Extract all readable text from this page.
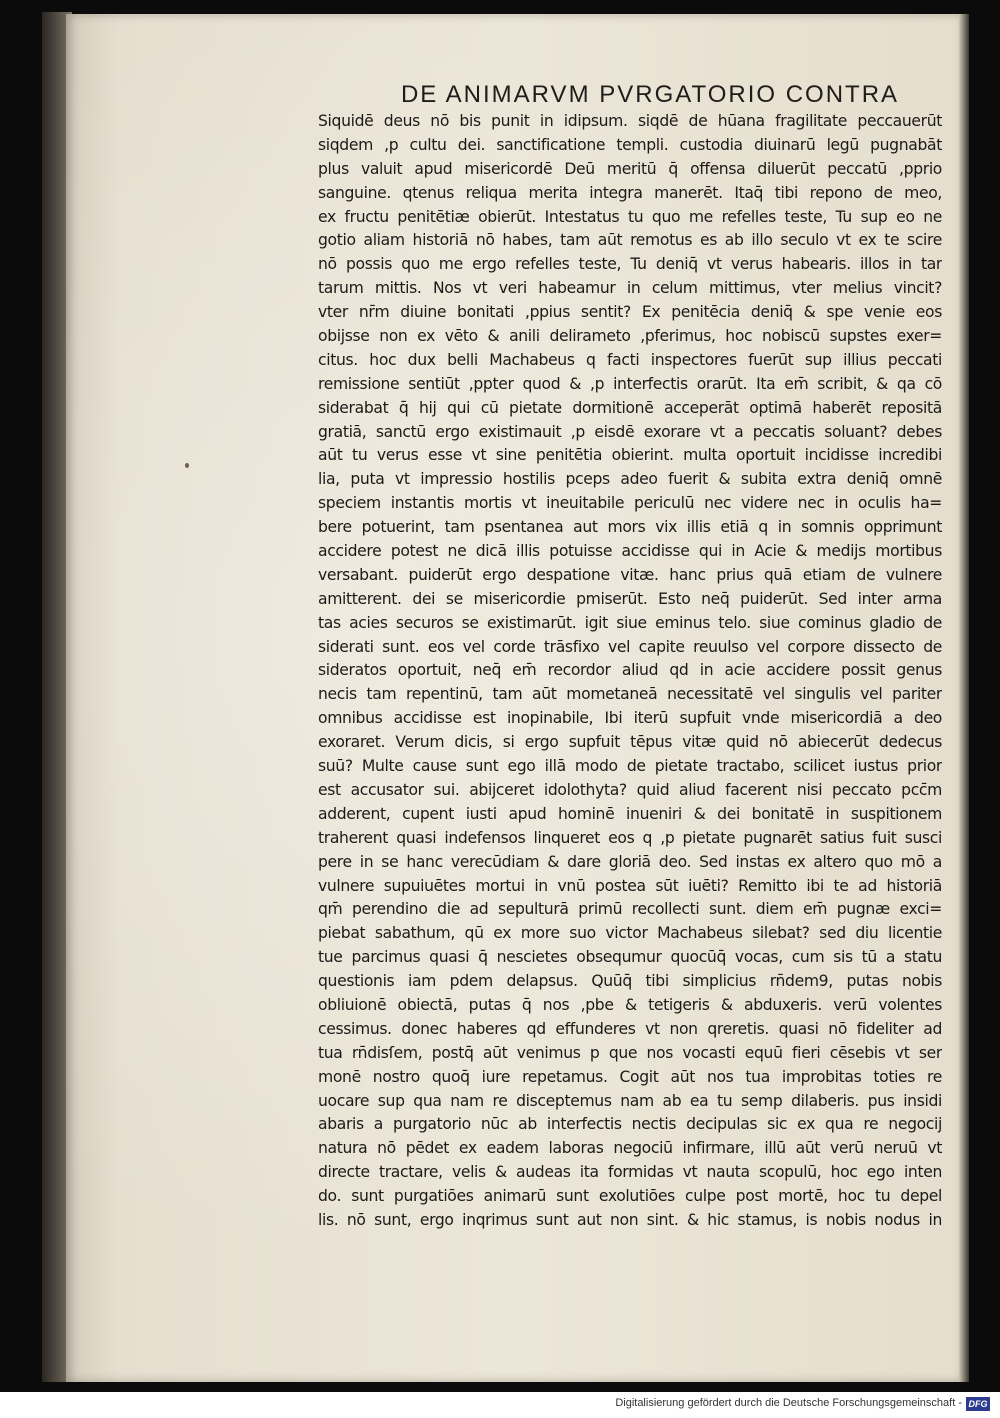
DE ANIMARVM PVRGATORIO CONTRA
Siquidē deus nō bis punit in idipsum. siqdē de hūana fragilitate peccauerūt
siqdem ,p cultu dei. sanctificatione templi. custodia diuinarū legū pugnabāt
plus valuit apud misericordē Deū meritū q̄ offensa diluerūt peccatū ,pprio
sanguine. qtenus reliqua merita integra manerēt. Itaq̄ tibi repono de meo,
ex fructu penitētiæ obierūt. Intestatus tu quo me refelles teste, Tu sup eo ne
gotio aliam historiā nō habes, tam aūt remotus es ab illo seculo vt ex te scire
nō possis quo me ergo refelles teste, Tu deniq̄ vt verus habearis. illos in tar
tarum mittis. Nos vt veri habeamur in celum mittimus, vter melius vincit?
vter nr̄m diuine bonitati ,ppius sentit? Ex penitēcia deniq̄ & spe venie eos
obijsse non ex vēto & anili delirameto ,pferimus, hoc nobiscū supstes exer=
citus. hoc dux belli Machabeus q facti inspectores fuerūt sup illius peccati
remissione sentiūt ,ppter quod & ,p interfectis orarūt. Ita em̄ scribit, & qa cō
siderabat q̄ hij qui cū pietate dormitionē acceperāt optimā haberēt repositā
gratiā, sanctū ergo existimauit ,p eisdē exorare vt a peccatis soluant? debes
aūt tu verus esse vt sine penitētia obierint. multa oportuit incidisse incredibi
lia, puta vt impressio hostilis pceps adeo fuerit & subita extra deniq̄ omnē
speciem instantis mortis vt ineuitabile periculū nec videre nec in oculis ha=
bere potuerint, tam psentanea aut mors vix illis etiā q in somnis opprimunt
accidere potest ne dicā illis potuisse accidisse qui in Acie & medijs mortibus
versabant. puiderūt ergo despatione vitæ. hanc prius quā etiam de vulnere
amitterent. dei se misericordie pmiserūt. Esto neq̄ puiderūt. Sed inter arma
tas acies securos se existimarūt. igit siue eminus telo. siue cominus gladio de
siderati sunt. eos vel corde trāsfixo vel capite reuulso vel corpore dissecto de
sideratos oportuit, neq̄ em̄ recordor aliud qd in acie accidere possit genus
necis tam repentinū, tam aūt mometaneā necessitatē vel singulis vel pariter
omnibus accidisse est inopinabile, Ibi iterū supfuit vnde misericordiā a deo
exoraret. Verum dicis, si ergo supfuit tēpus vitæ quid nō abiecerūt dedecus
suū? Multe cause sunt ego illā modo de pietate tractabo, scilicet iustus prior
est accusator sui. abijceret idolothyta? quid aliud facerent nisi peccato pcc̄m
adderent, cupent iusti apud hominē inueniri & dei bonitatē in suspitionem
traherent quasi indefensos linqueret eos q ,p pietate pugnarēt satius fuit susci
pere in se hanc verecūdiam & dare gloriā deo. Sed instas ex altero quo mō a
vulnere supuiuētes mortui in vnū postea sūt iuēti? Remitto ibi te ad historiā
qm̄ perendino die ad sepulturā primū recollecti sunt. diem em̄ pugnæ exci=
piebat sabathum, qū ex more suo victor Machabeus silebat? sed diu licentie
tue parcimus quasi q̄ nescietes obsequmur quocūq̄ vocas, cum sis tū a statu
questionis iam pdem delapsus. Quūq̄ tibi simplicius rn̄dem9, putas nobis
obliuionē obiectā, putas q̄ nos ,pbe & tetigeris & abduxeris. verū volentes
cessimus. donec haberes qd effunderes vt non qreretis. quasi nō fideliter ad
tua rn̄disſem, postq̄ aūt venimus p que nos vocasti equū fieri cēsebis vt ser
monē nostro quoq̄ iure repetamus. Cogit aūt nos tua improbitas toties re
uocare sup qua nam re disceptemus nam ab ea tu semp dilaberis. pus insidi
abaris a purgatorio nūc ab interfectis nectis decipulas sic ex qua re negocij
natura nō pēdet ex eadem laboras negociū infirmare, illū aūt verū neruū vt
directe tractare, velis & audeas ita formidas vt nauta scopulū, hoc ego inten
do. sunt purgatiōes animarū sunt exolutiōes culpe post mortē, hoc tu depel
lis. nō sunt, ergo inqrimus sunt aut non sint. & hic stamus, is nobis nodus in
Digitalisierung gefördert durch die Deutsche Forschungsgemeinschaft - DFG
